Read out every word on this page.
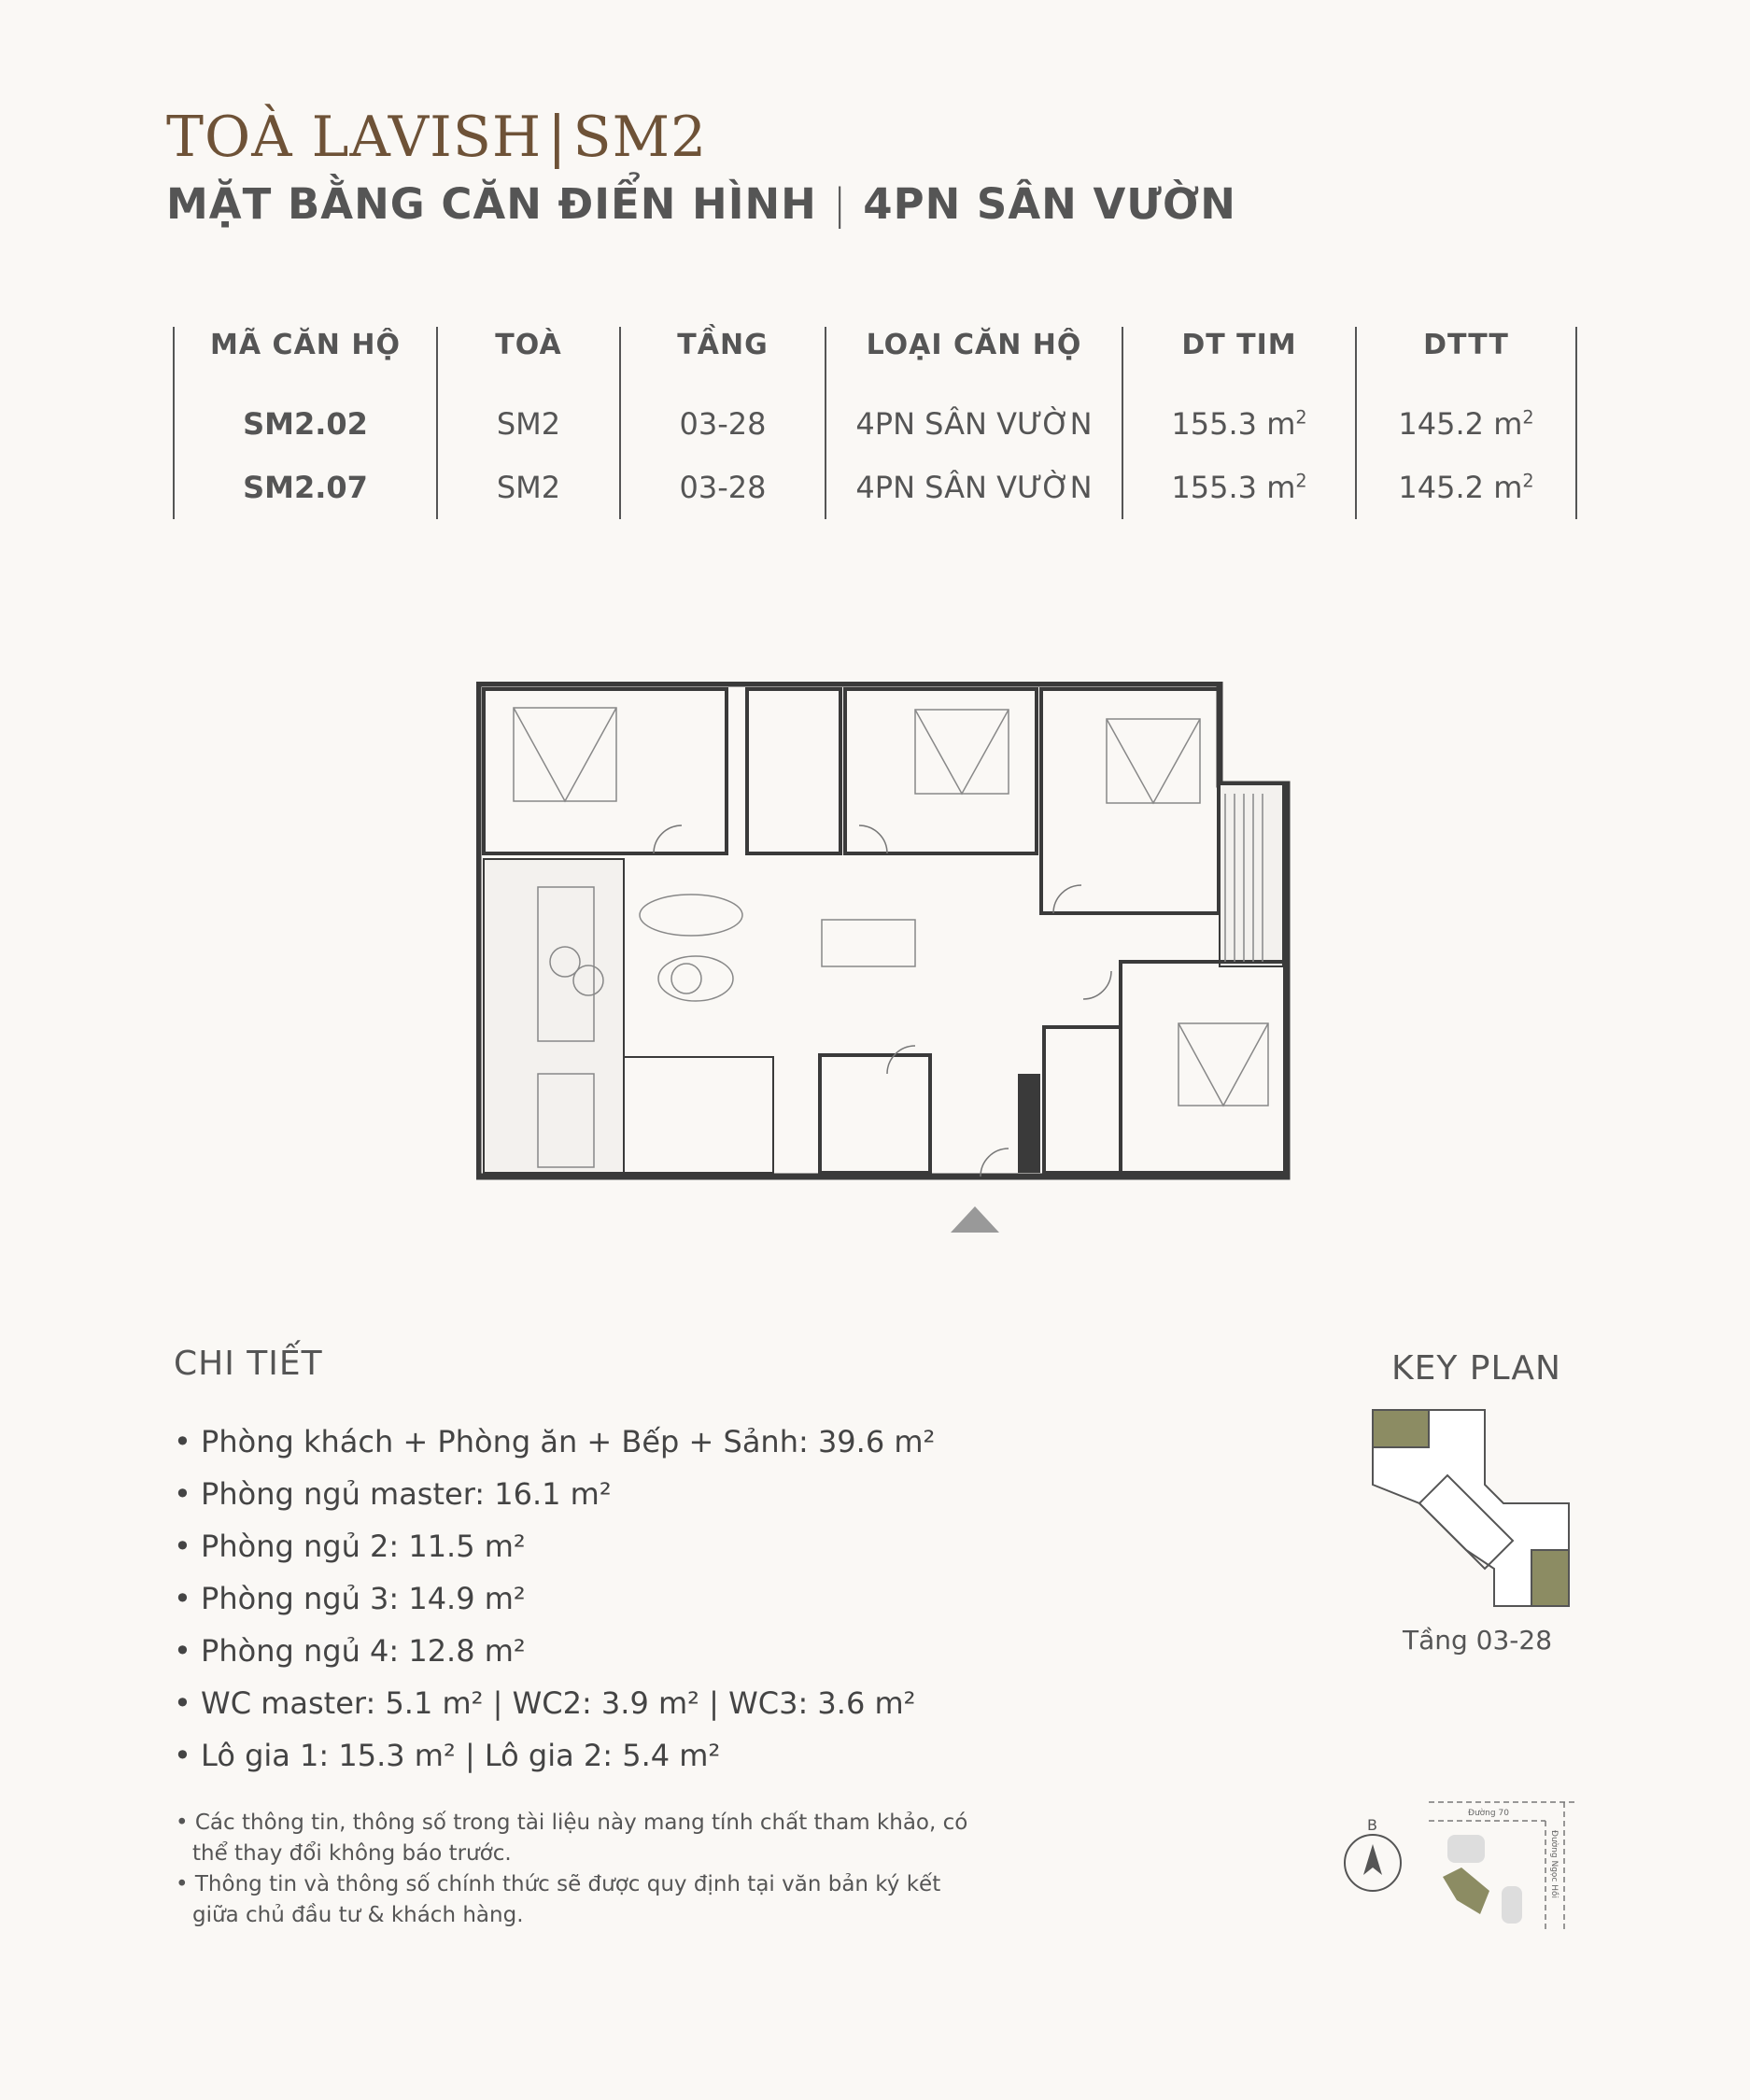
TOÀ LAVISH | SM2
MẶT BẰNG CĂN ĐIỂN HÌNH | 4PN SÂN VƯỜN
MÃ CĂN HỘ	TOÀ	TẦNG	LOẠI CĂN HỘ	DT TIM	DTTT
SM2.02	SM2	03-28	4PN SÂN VƯỜN	155.3 $m^2$	145.2 $m^2$
SM2.07	SM2	03-28	4PN SÂN VƯỜN	155.3 $m^2$	145.2 $m^2$
CHI TIẾT
• Phòng khách + Phòng ăn + Bếp + Sảnh: 39.6 m²
• Phòng ngủ master: 16.1 m²
• Phòng ngủ 2: 11.5 m²
• Phòng ngủ 3: 14.9 m²
• Phòng ngủ 4: 12.8 m²
• WC master: 5.1 m² | WC2: 3.9 m² | WC3: 3.6 m²
• Lô gia 1: 15.3 m² | Lô gia 2: 5.4 m²
• Các thông tin, thông số trong tài liệu này mang tính chất tham khảo, có thể thay đổi không báo trước.
• Thông tin và thông số chính thức sẽ được quy định tại văn bản ký kết giữa chủ đầu tư & khách hàng.
KEY PLAN
Tầng 03-28
B
Đường 70
Đường Ngọc Hồi
